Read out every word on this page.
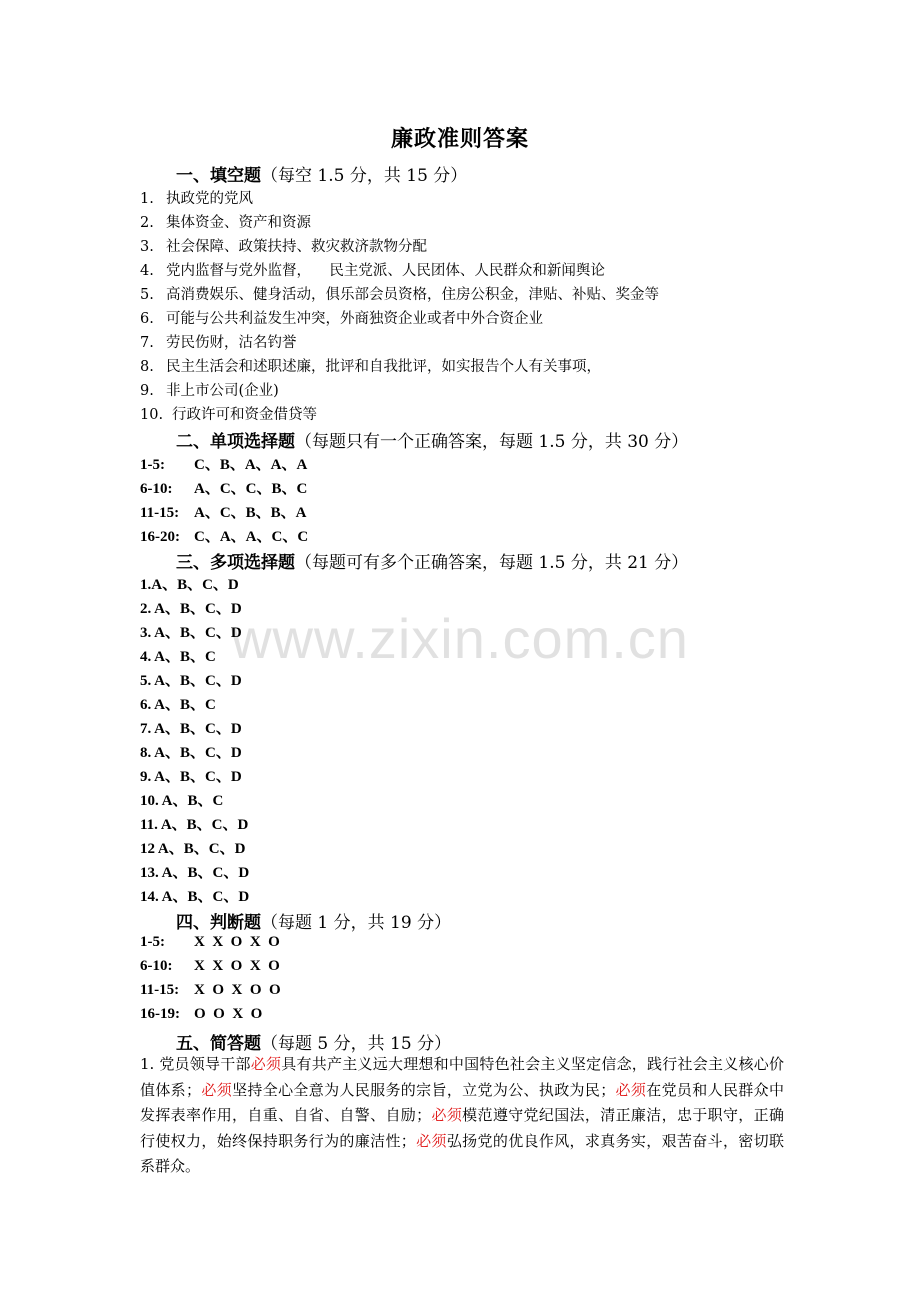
www.zixin.com.cn
廉政准则答案
一、填空题（每空 1.5 分，共 15 分）
1. 执政党的党风
2. 集体资金、资产和资源
3. 社会保障、政策扶持、救灾救济款物分配
4. 党内监督与党外监督，    民主党派、人民团体、人民群众和新闻舆论
5. 高消费娱乐、健身活动，俱乐部会员资格，住房公积金，津贴、补贴、奖金等
6. 可能与公共利益发生冲突，外商独资企业或者中外合资企业
7. 劳民伤财，沽名钓誉
8. 民主生活会和述职述廉，批评和自我批评，如实报告个人有关事项，
9. 非上市公司(企业)
10. 行政许可和资金借贷等
二、单项选择题（每题只有一个正确答案，每题 1.5 分，共 30 分）
1-5: C、B、A、A、A
6-10: A、C、C、B、C
11-15: A、C、B、B、A
16-20: C、A、A、C、C
三、多项选择题（每题可有多个正确答案，每题 1.5 分，共 21 分）
1.A、B、C、D
2. A、B、C、D
3. A、B、C、D
4. A、B、C
5. A、B、C、D
6. A、B、C
7. A、B、C、D
8. A、B、C、D
9. A、B、C、D
10. A、B、C
11. A、B、C、D
12 A、B、C、D
13. A、B、C、D
14. A、B、C、D
四、判断题（每题 1 分，共 19 分）
1-5: X  X  O  X  O
6-10: X  X  O  X  O
11-15: X  O  X  O  O
16-19: O  O  X  O
五、简答题（每题 5 分，共 15 分）
1. 党员领导干部必须具有共产主义远大理想和中国特色社会主义坚定信念，践行社会主义核心价值体系；必须坚持全心全意为人民服务的宗旨，立党为公、执政为民；必须在党员和人民群众中发挥表率作用，自重、自省、自警、自励；必须模范遵守党纪国法，清正廉洁，忠于职守，正确行使权力，始终保持职务行为的廉洁性；必须弘扬党的优良作风，求真务实，艰苦奋斗，密切联系群众。
